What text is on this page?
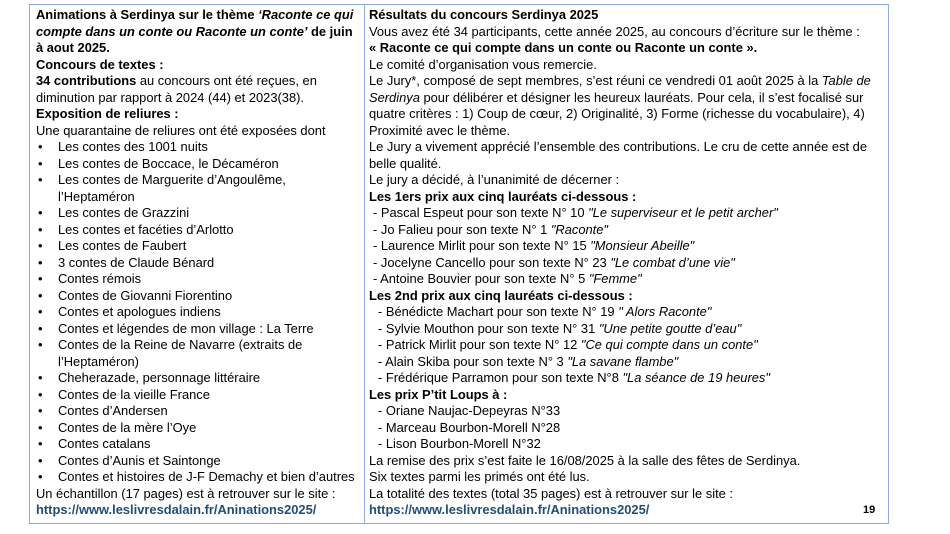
Animations à Serdinya sur le thème ‘Raconte ce qui compte dans un conte ou Raconte un conte’ de juin à aout 2025.

Concours de textes :

34 contributions au concours ont été reçues, en diminution par rapport à 2024 (44) et 2023(38).

Exposition de reliures :

Une quarantaine de reliures ont été exposées dont

• Les contes des 1001 nuits
• Les contes de Boccace, le Décaméron
• Les contes de Marguerite d’Angoulême, l’Heptaméron
• Les contes de Grazzini
• Les contes et facéties d’Arlotto
• Les contes de Faubert
• 3 contes de Claude Bénard
• Contes rémois
• Contes de Giovanni Fiorentino
• Contes et apologues indiens
• Contes et légendes de mon village : La Terre
• Contes de la Reine de Navarre (extraits de l’Heptaméron)
• Cheherazade, personnage littéraire
• Contes de la vieille France
• Contes d’Andersen
• Contes de la mère l’Oye
• Contes catalans
• Contes d’Aunis et Saintonge
• Contes et histoires de J-F Demachy et bien d’autres

Un échantillon (17 pages) est à retrouver sur le site :

https://www.leslivresdalain.fr/Aninations2025/

Résultats du concours Serdinya 2025

Vous avez été 34 participants, cette année 2025, au concours d’écriture sur le thème :

« Raconte ce qui compte dans un conte ou Raconte un conte ».

Le comité d’organisation vous remercie.

Le Jury*, composé de sept membres, s’est réuni ce vendredi 01 août 2025 à la Table de Serdinya pour délibérer et désigner les heureux lauréats. Pour cela, il s’est focalisé sur quatre critères : 1) Coup de cœur, 2) Originalité, 3) Forme (richesse du vocabulaire), 4) Proximité avec le thème.

Le Jury a vivement apprécié l’ensemble des contributions. Le cru de cette année est de belle qualité.

Le jury a décidé, à l’unanimité de décerner :

Les 1ers prix aux cinq lauréats ci-dessous :

- Pascal Espeut pour son texte N° 10 "Le superviseur et le petit archer"
- Jo Falieu pour son texte N° 1 "Raconte"
- Laurence Mirlit pour son texte N° 15 "Monsieur Abeille"
- Jocelyne Cancello pour son texte N° 23 "Le combat d’une vie"
- Antoine Bouvier pour son texte N° 5 "Femme"

Les 2nd prix aux cinq lauréats ci-dessous :

- Bénédicte Machart pour son texte N° 19 " Alors Raconte"
- Sylvie Mouthon pour son texte N° 31 "Une petite goutte d’eau"
- Patrick Mirlit pour son texte N° 12 "Ce qui compte dans un conte"
- Alain Skiba pour son texte N° 3 "La savane flambe"
- Frédérique Parramon pour son texte N°8 "La séance de 19 heures"

Les prix P’tit Loups à :

- Oriane Naujac-Depeyras N°33
- Marceau Bourbon-Morell N°28
- Lison Bourbon-Morell N°32

La remise des prix s’est faite le 16/08/2025 à la salle des fêtes de Serdinya.

Six textes parmi les primés ont été lus.

La totalité des textes (total 35 pages) est à retrouver sur le site :

https://www.leslivresdalain.fr/Aninations2025/	19
